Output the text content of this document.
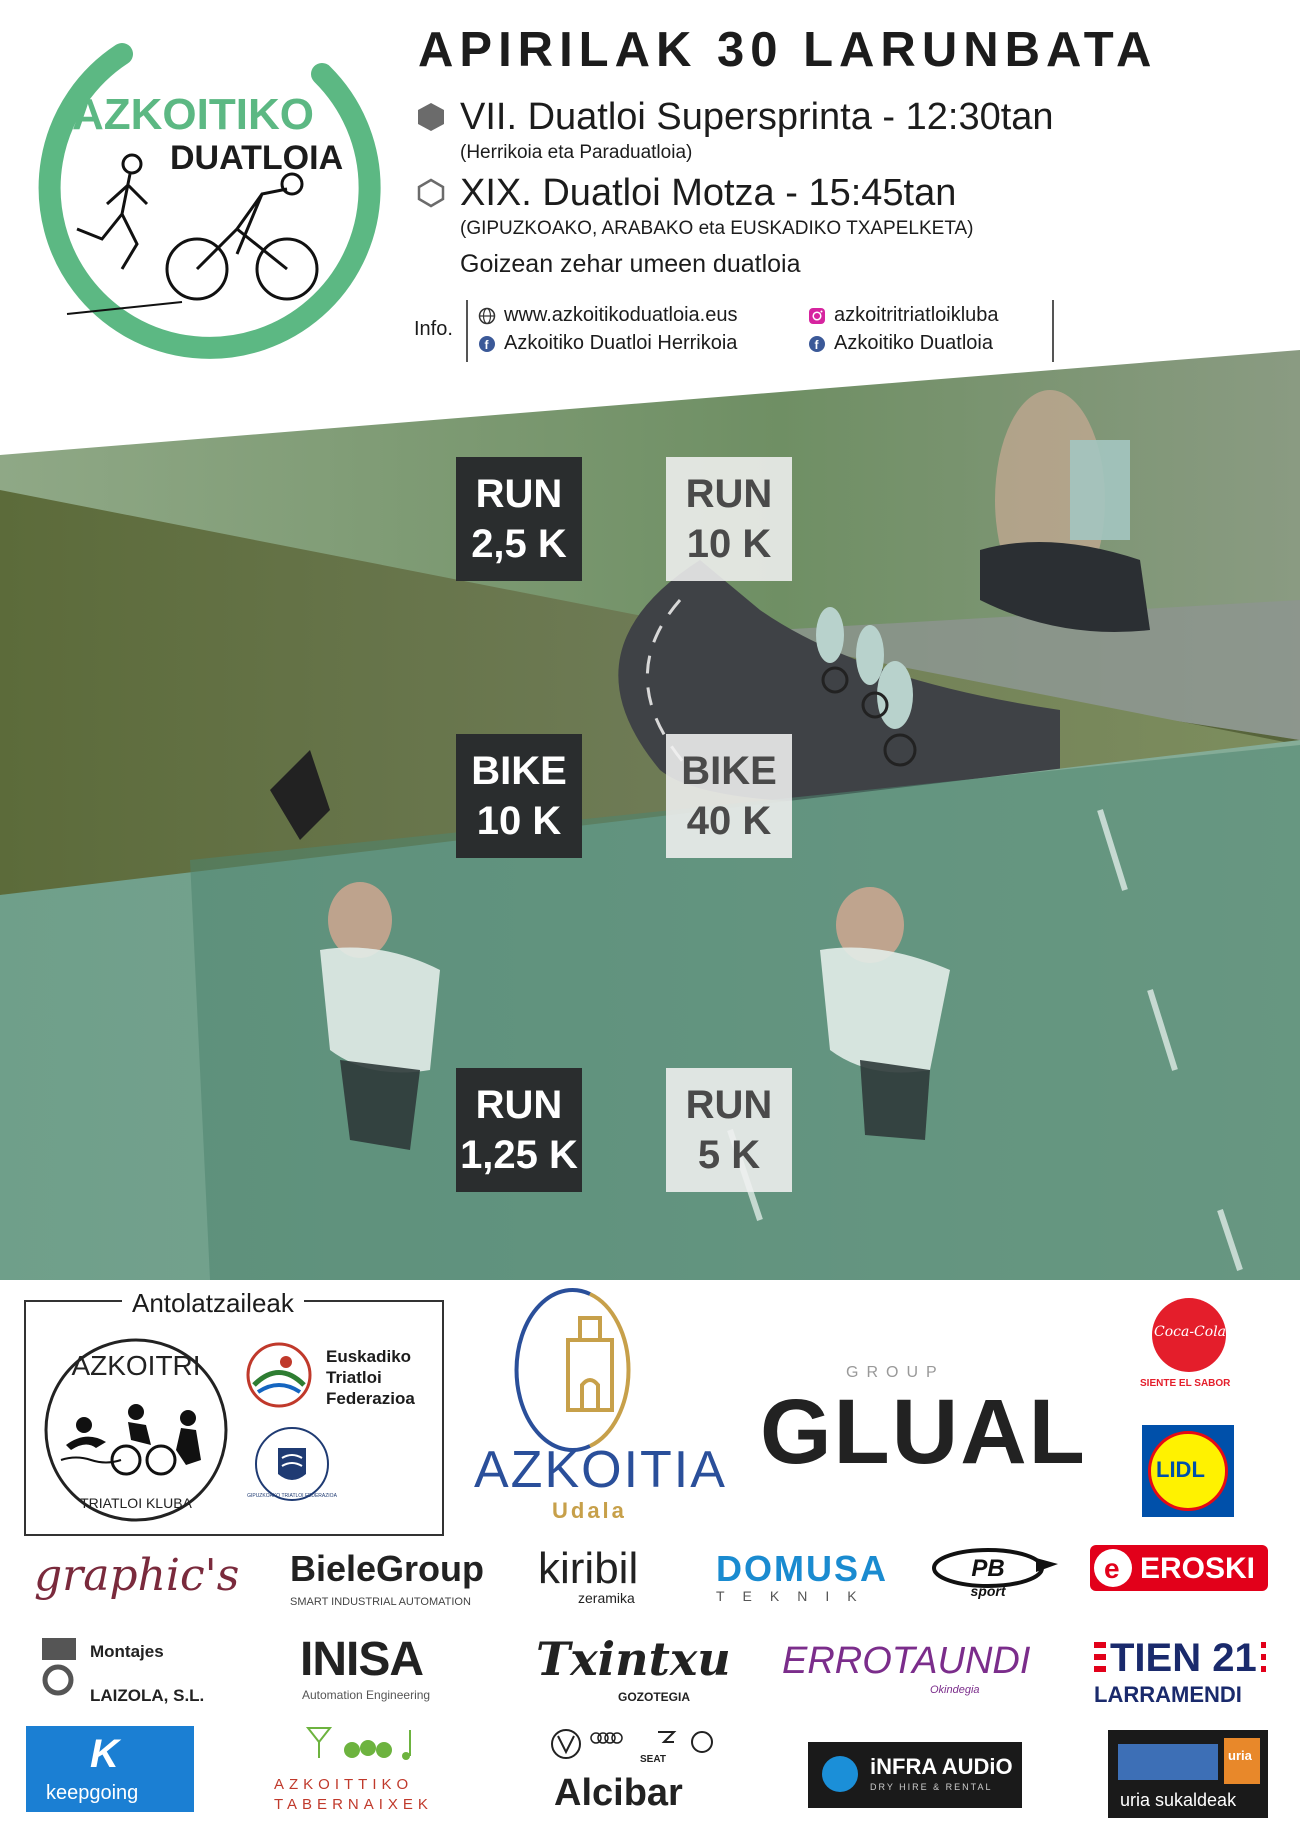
AZKOITIKO
DUATLOIA
APIRILAK 30 LARUNBATA
VII. Duatloi Supersprinta - 12:30tan
(Herrikoia eta Paraduatloia)
XIX. Duatloi Motza - 15:45tan
(GIPUZKOAKO, ARABAKO eta EUSKADIKO TXAPELKETA)
Goizean zehar umeen duatloia
Info.
www.azkoitikoduatloia.eus
f Azkoitiko Duatloi Herrikoia
azkoitritriatloikluba
f Azkoitiko Duatloia
RUN
2,5 K
RUN
10 K
BIKE
10 K
BIKE
40 K
RUN
1,25 K
RUN
5 K
Antolatzaileak
AZKOITRI
TRIATLOI KLUBA
Euskadiko
Triatloi
Federazioa
GIPUZKOAKO TRIATLOI FEDERAZIOA	AZKOITIA
Udala
GROUP
GLUAL
Coca-Cola
SIENTE EL SABOR
LIDL
graphic's BieleGroup
SMART INDUSTRIAL AUTOMATION
kiribil
zeramika
DOMUSA
TEKNIK
PB
sport
e EROSKI
Montajes
LAIZOLA, S.L.
INISA
Automation Engineering
Txintxu
GOZOTEGIA
ERROTAUNDI
Okindegia
TIEN 21
LARRAMENDI
K
keepgoing	AZKOITTIKO
TABERNAIXEK
SEAT
Alcibar
iNFRA AUDiO
DRY HIRE & RENTAL
uria
uria sukaldeak
